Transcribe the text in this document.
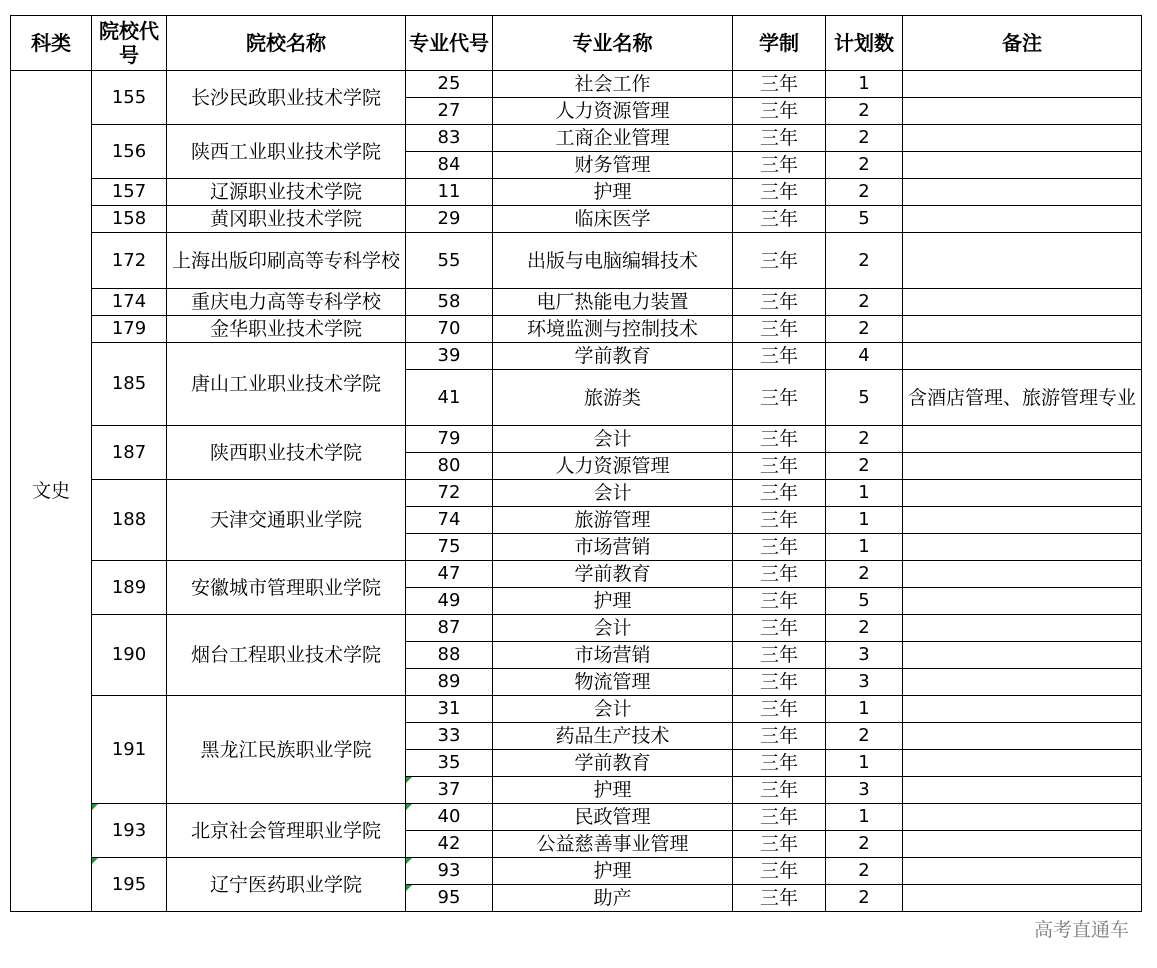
科类	院校代号	院校名称	专业代号	专业名称	学制	计划数	备注
文史	155	长沙民政职业技术学院	25	社会工作	三年	1	
			27	人力资源管理	三年	2	
	156	陕西工业职业技术学院	83	工商企业管理	三年	2	
			84	财务管理	三年	2	
	157	辽源职业技术学院	11	护理	三年	2	
	158	黄冈职业技术学院	29	临床医学	三年	5	
	172	上海出版印刷高等专科学校	55	出版与电脑编辑技术	三年	2	
	174	重庆电力高等专科学校	58	电厂热能电力装置	三年	2	
	179	金华职业技术学院	70	环境监测与控制技术	三年	2	
	185	唐山工业职业技术学院	39	学前教育	三年	4	
			41	旅游类	三年	5	含酒店管理、旅游管理专业
	187	陕西职业技术学院	79	会计	三年	2	
			80	人力资源管理	三年	2	
	188	天津交通职业学院	72	会计	三年	1	
			74	旅游管理	三年	1	
			75	市场营销	三年	1	
	189	安徽城市管理职业学院	47	学前教育	三年	2	
			49	护理	三年	5	
	190	烟台工程职业技术学院	87	会计	三年	2	
			88	市场营销	三年	3	
			89	物流管理	三年	3	
	191	黑龙江民族职业学院	31	会计	三年	1	
			33	药品生产技术	三年	2	
			35	学前教育	三年	1	
			37	护理	三年	3	
	193	北京社会管理职业学院	40	民政管理	三年	1	
			42	公益慈善事业管理	三年	2	
	195	辽宁医药职业学院	93	护理	三年	2	
			95	助产	三年	2	
高考直通车
